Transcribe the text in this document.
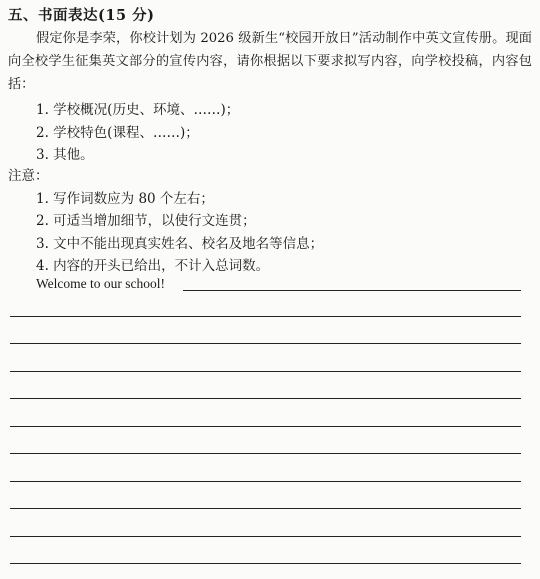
五、书面表达(15 分)
假定你是李荣，你校计划为 2026 级新生“校园开放日”活动制作中英文宣传册。现面向全校学生征集英文部分的宣传内容，请你根据以下要求拟写内容，向学校投稿，内容包括：
1. 学校概况(历史、环境、……)；
2. 学校特色(课程、……)；
3. 其他。
注意：
1. 写作词数应为 80 个左右；
2. 可适当增加细节，以使行文连贯；
3. 文中不能出现真实姓名、校名及地名等信息；
4. 内容的开头已给出，不计入总词数。
Welcome to our school!
